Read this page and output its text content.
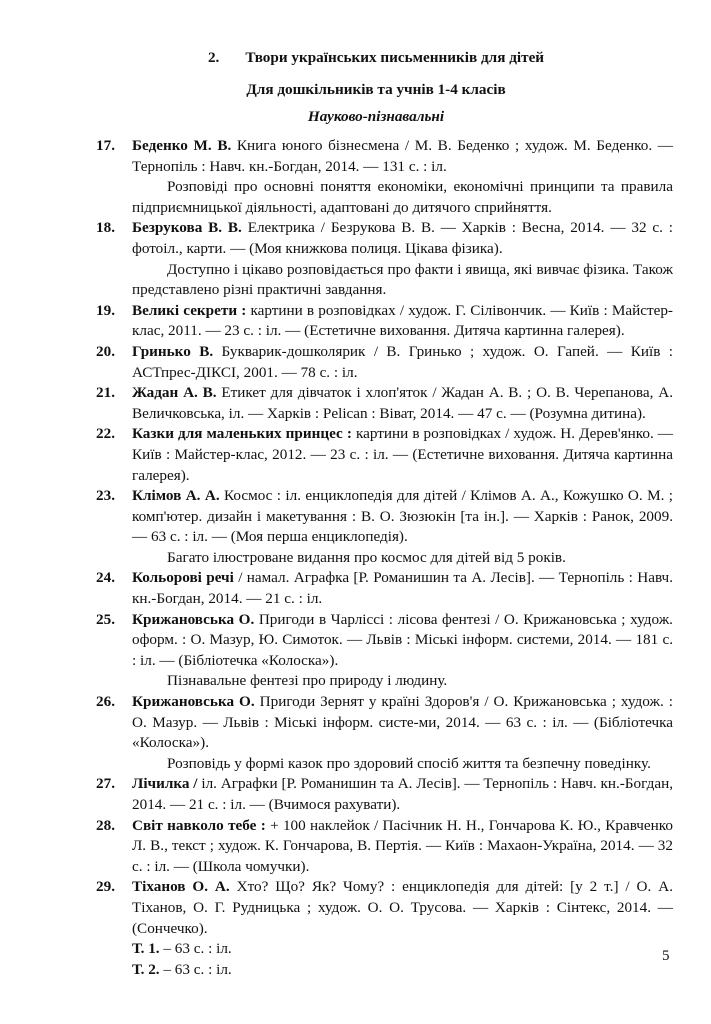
2. Твори українських письменників для дітей
Для дошкільників та учнів 1-4 класів
Науково-пізнавальні
17. Беденко М. В. Книга юного бізнесмена / М. В. Беденко ; худож. М. Беденко. — Тернопіль : Навч. кн.-Богдан, 2014. — 131 с. : іл.
Розповіді про основні поняття економіки, економічні принципи та правила підприємницької діяльності, адаптовані до дитячого сприйняття.
18. Безрукова В. В. Електрика / Безрукова В. В. — Харків : Весна, 2014. — 32 с. : фотоіл., карти. — (Моя книжкова полиця. Цікава фізика).
Доступно і цікаво розповідається про факти і явища, які вивчає фізика. Також представлено різні практичні завдання.
19. Великі секрети : картини в розповідках / худож. Г. Сілівончик. — Київ : Майстер-клас, 2011. — 23 с. : іл. — (Естетичне виховання. Дитяча картинна галерея).
20. Гринько В. Букварик-дошколярик / В. Гринько ; худож. О. Гапей. — Київ : АСТпрес-ДІКСІ, 2001. — 78 с. : іл.
21. Жадан А. В. Етикет для дівчаток і хлоп'яток / Жадан А. В. ; О. В. Черепанова, А. Величковська, іл. — Харків : Pelican : Віват, 2014. — 47 с. — (Розумна дитина).
22. Казки для маленьких принцес : картини в розповідках / худож. Н. Дерев'янко. — Київ : Майстер-клас, 2012. — 23 с. : іл. — (Естетичне виховання. Дитяча картинна галерея).
23. Клімов А. А. Космос : іл. енциклопедія для дітей / Клімов А. А., Кожушко О. М. ; комп'ютер. дизайн і макетування : В. О. Зюзюкін [та ін.]. — Харків : Ранок, 2009. — 63 с. : іл. — (Моя перша енциклопедія).
Багато ілюстроване видання про космос для дітей від 5 років.
24. Кольорові речі / намал. Аграфка [Р. Романишин та А. Лесів]. — Тернопіль : Навч. кн.-Богдан, 2014. — 21 с. : іл.
25. Крижановська О. Пригоди в Чарліссі : лісова фентезі / О. Крижановська ; худож. оформ. : О. Мазур, Ю. Симоток. — Львів : Міські інформ. системи, 2014. — 181 с. : іл. — (Бібліотечка «Колоска»).
Пізнавальне фентезі про природу і людину.
26. Крижановська О. Пригоди Зернят у країні Здоров'я / О. Крижановська ; худож. : О. Мазур. — Львів : Міські інформ. систе-ми, 2014. — 63 с. : іл. — (Бібліотечка «Колоска»).
Розповідь у формі казок про здоровий спосіб життя та безпечну поведінку.
27. Лічилка / іл. Аграфки [Р. Романишин та А. Лесів]. — Тернопіль : Навч. кн.-Богдан, 2014. — 21 с. : іл. — (Вчимося рахувати).
28. Світ навколо тебе : + 100 наклейок / Пасічник Н. Н., Гончарова К. Ю., Кравченко Л. В., текст ; худож. К. Гончарова, В. Пертія. — Київ : Махаон-Україна, 2014. — 32 с. : іл. — (Школа чомучки).
29. Тіханов О. А. Хто? Що? Як? Чому? : енциклопедія для дітей: [у 2 т.] / О. А. Тіханов, О. Г. Рудницька ; худож. О. О. Трусова. — Харків : Сінтекс, 2014. — (Сончечко).
Т. 1. – 63 с. : іл.
Т. 2. – 63 с. : іл.
5
